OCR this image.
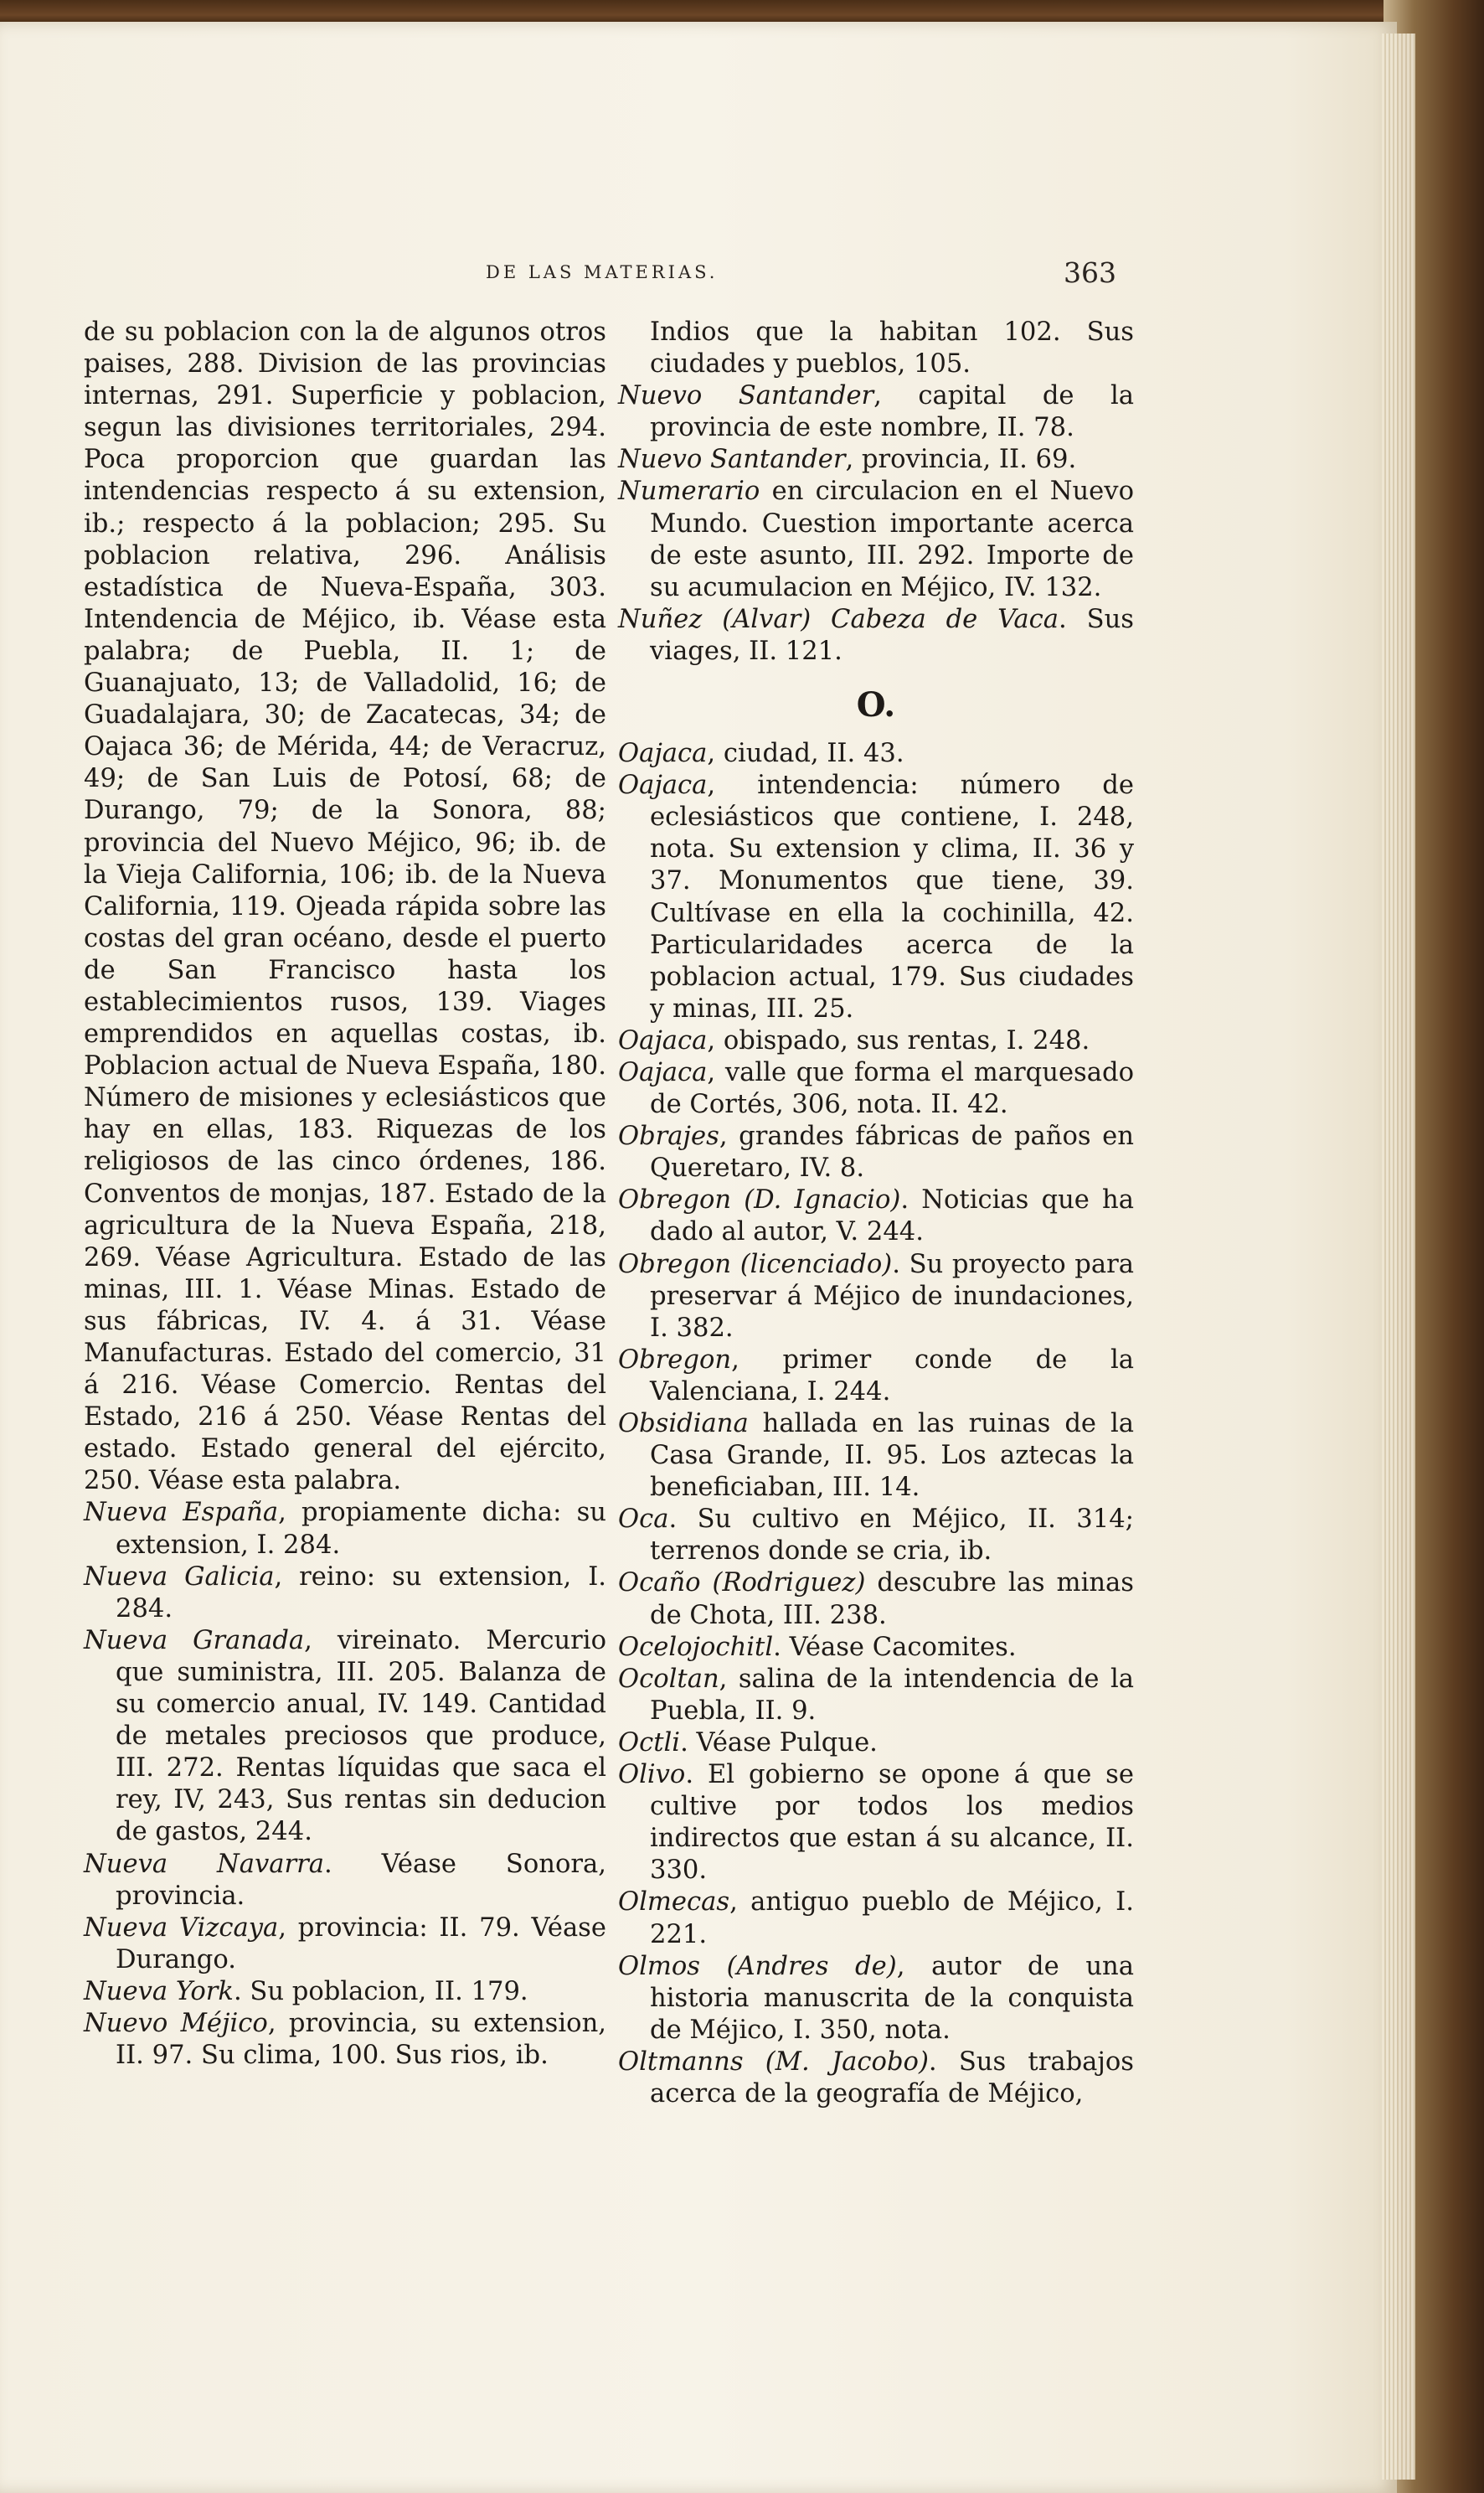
DE LAS MATERIAS.	363

de su poblacion con la de algunos otros paises, 288. Division de las provincias internas, 291. Superficie y poblacion, segun las divisiones territoriales, 294. Poca proporcion que guardan las intendencias respecto á su extension, ib.; respecto á la poblacion; 295. Su poblacion relativa, 296. Análisis estadística de Nueva-España, 303. Intendencia de Méjico, ib. Véase esta palabra; de Puebla, II. 1; de Guanajuato, 13; de Valladolid, 16; de Guadalajara, 30; de Zacatecas, 34; de Oajaca 36; de Mérida, 44; de Veracruz, 49; de San Luis de Potosí, 68; de Durango, 79; de la Sonora, 88; provincia del Nuevo Méjico, 96; ib. de la Vieja California, 106; ib. de la Nueva California, 119. Ojeada rápida sobre las costas del gran océano, desde el puerto de San Francisco hasta los establecimientos rusos, 139. Viages emprendidos en aquellas costas, ib. Poblacion actual de Nueva España, 180. Número de misiones y eclesiásticos que hay en ellas, 183. Riquezas de los religiosos de las cinco órdenes, 186. Conventos de monjas, 187. Estado de la agricultura de la Nueva España, 218, 269. Véase Agricultura. Estado de las minas, III. 1. Véase Minas. Estado de sus fábricas, IV. 4. á 31. Véase Manufacturas. Estado del comercio, 31 á 216. Véase Comercio. Rentas del Estado, 216 á 250. Véase Rentas del estado. Estado general del ejército, 250. Véase esta palabra.

Nueva España, propiamente dicha: su extension, I. 284.

Nueva Galicia, reino: su extension, I. 284.

Nueva Granada, vireinato. Mercurio que suministra, III. 205. Balanza de su comercio anual, IV. 149. Cantidad de metales preciosos que produce, III. 272. Rentas líquidas que saca el rey, IV, 243, Sus rentas sin deducion de gastos, 244.

Nueva Navarra. Véase Sonora, provincia.

Nueva Vizcaya, provincia: II. 79. Véase Durango.

Nueva York. Su poblacion, II. 179.

Nuevo Méjico, provincia, su extension, II. 97. Su clima, 100. Sus rios, ib.

Indios que la habitan 102. Sus ciudades y pueblos, 105.

Nuevo Santander, capital de la provincia de este nombre, II. 78.

Nuevo Santander, provincia, II. 69.

Numerario en circulacion en el Nuevo Mundo. Cuestion importante acerca de este asunto, III. 292. Importe de su acumulacion en Méjico, IV. 132.

Nuñez (Alvar) Cabeza de Vaca. Sus viages, II. 121.

O.

Oajaca, ciudad, II. 43.

Oajaca, intendencia: número de eclesiásticos que contiene, I. 248, nota. Su extension y clima, II. 36 y 37. Monumentos que tiene, 39. Cultívase en ella la cochinilla, 42. Particularidades acerca de la poblacion actual, 179. Sus ciudades y minas, III. 25.

Oajaca, obispado, sus rentas, I. 248.

Oajaca, valle que forma el marquesado de Cortés, 306, nota. II. 42.

Obrajes, grandes fábricas de paños en Queretaro, IV. 8.

Obregon (D. Ignacio). Noticias que ha dado al autor, V. 244.

Obregon (licenciado). Su proyecto para preservar á Méjico de inundaciones, I. 382.

Obregon, primer conde de la Valenciana, I. 244.

Obsidiana hallada en las ruinas de la Casa Grande, II. 95. Los aztecas la beneficiaban, III. 14.

Oca. Su cultivo en Méjico, II. 314; terrenos donde se cria, ib.

Ocaño (Rodriguez) descubre las minas de Chota, III. 238.

Ocelojochitl. Véase Cacomites.

Ocoltan, salina de la intendencia de la Puebla, II. 9.

Octli. Véase Pulque.

Olivo. El gobierno se opone á que se cultive por todos los medios indirectos que estan á su alcance, II. 330.

Olmecas, antiguo pueblo de Méjico, I. 221.

Olmos (Andres de), autor de una historia manuscrita de la conquista de Méjico, I. 350, nota.

Oltmanns (M. Jacobo). Sus trabajos acerca de la geografía de Méjico,
